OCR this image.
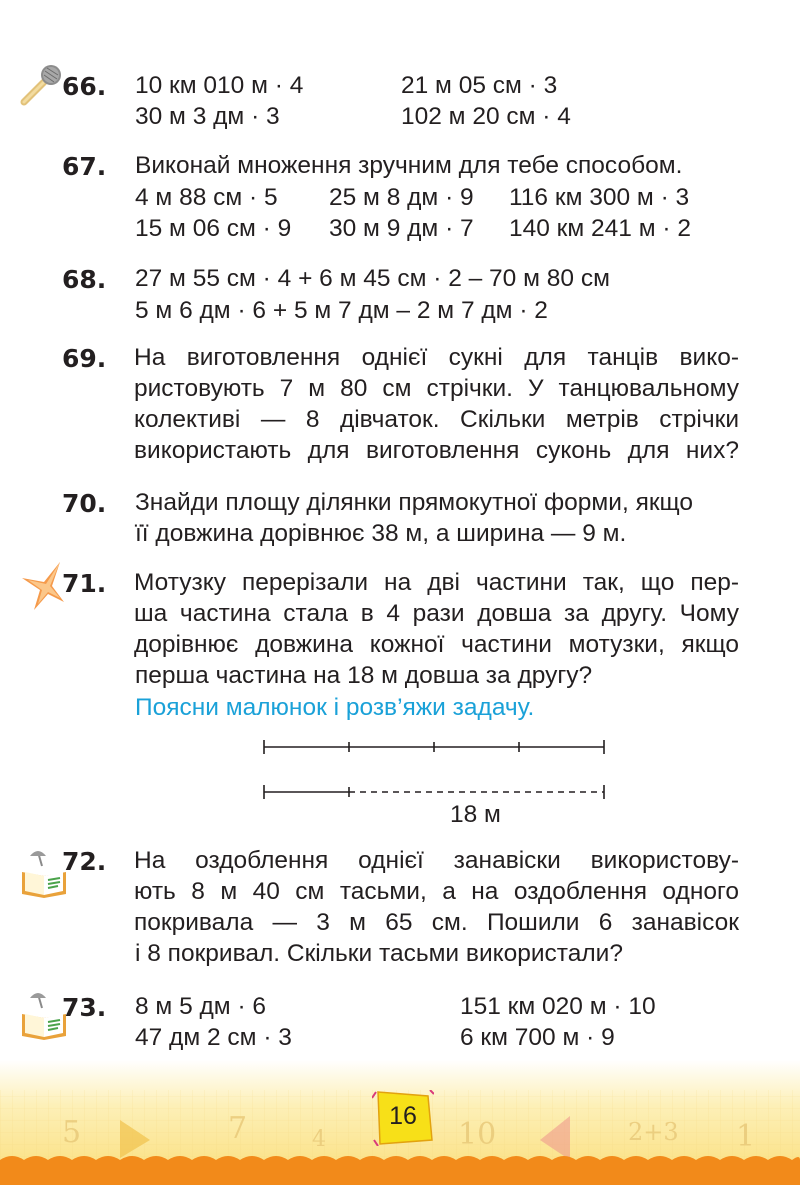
66. 10 км 010 м · 4	21 м 05 см · 3
30 м 3 дм · 3	102 м 20 см · 4
67. Виконай множення зручним для тебе способом.
4 м 88 см · 5 25 м 8 дм · 9 116 км 300 м · 3
15 м 06 см · 9 30 м 9 дм · 7 140 км 241 м · 2
68. 27 м 55 см · 4 + 6 м 45 см · 2 – 70 м 80 см
5 м 6 дм · 6 + 5 м 7 дм – 2 м 7 дм · 2
69. На виготовлення однієї сукні для танців вико-
ристовують 7 м 80 см стрічки. У танцювальному
колективі — 8 дівчаток. Скільки метрів стрічки
використають для виготовлення суконь для них?
70. Знайди площу ділянки прямокутної форми, якщо
її довжина дорівнює 38 м, а ширина — 9 м.
71. Мотузку перерізали на дві частини так, що пер-
ша частина стала в 4 рази довша за другу. Чому
дорівнює довжина кожної частини мотузки, якщо
перша частина на 18 м довша за другу?
Поясни малюнок і розв’яжи задачу.
18 м
72. На оздоблення однієї занавіски використову-
ють 8 м 40 см тасьми, а на оздоблення одного
покривала — 3 м 65 см. Пошили 6 занавісок
і 8 покривал. Скільки тасьми використали?
73. 8 м 5 дм · 6	151 км 020 м · 10
47 дм 2 см · 3	6 км 700 м · 9
5	7	4	10	2+3 1
16
